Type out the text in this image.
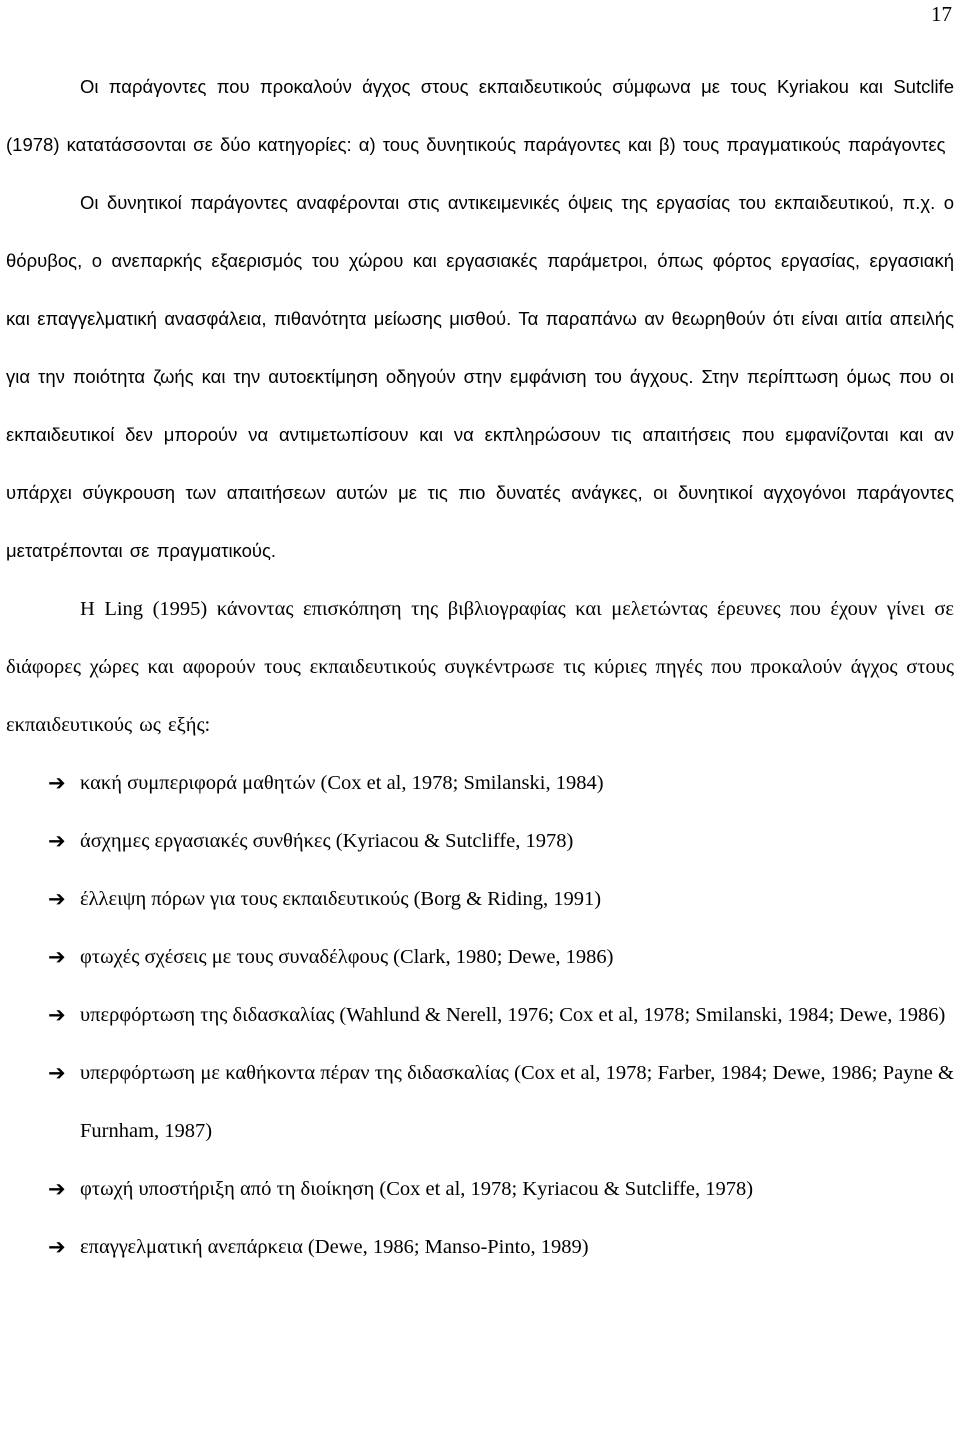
17

Οι παράγοντες που προκαλούν άγχος στους εκπαιδευτικούς σύμφωνα με τους Kyriakou και Sutclife (1978) κατατάσσονται σε δύο κατηγορίες: α) τους δυνητικούς παράγοντες και β) τους πραγματικούς παράγοντες

Οι δυνητικοί παράγοντες αναφέρονται στις αντικειμενικές όψεις της εργασίας του εκπαιδευτικού, π.χ. ο θόρυβος, ο ανεπαρκής εξαερισμός του χώρου και εργασιακές παράμετροι, όπως φόρτος εργασίας, εργασιακή και επαγγελματική ανασφάλεια, πιθανότητα μείωσης μισθού. Τα παραπάνω αν θεωρηθούν ότι είναι αιτία απειλής για την ποιότητα ζωής και την αυτοεκτίμηση οδηγούν στην εμφάνιση του άγχους. Στην περίπτωση όμως που οι εκπαιδευτικοί δεν μπορούν να αντιμετωπίσουν και να εκπληρώσουν τις απαιτήσεις που εμφανίζονται και αν υπάρχει σύγκρουση των απαιτήσεων αυτών με τις πιο δυνατές ανάγκες, οι δυνητικοί αγχογόνοι παράγοντες μετατρέπονται σε πραγματικούς.

Η Ling (1995) κάνοντας επισκόπηση της βιβλιογραφίας και μελετώντας έρευνες που έχουν γίνει σε διάφορες χώρες και αφορούν τους εκπαιδευτικούς συγκέντρωσε τις κύριες πηγές που προκαλούν άγχος στους εκπαιδευτικούς ως εξής:

➔ κακή συμπεριφορά μαθητών (Cox et al, 1978; Smilanski, 1984)
➔ άσχημες εργασιακές συνθήκες (Kyriacou & Sutcliffe, 1978)
➔ έλλειψη πόρων για τους εκπαιδευτικούς (Borg & Riding, 1991)
➔ φτωχές σχέσεις με τους συναδέλφους (Clark, 1980; Dewe, 1986)
➔ υπερφόρτωση της διδασκαλίας (Wahlund & Nerell, 1976; Cox et al, 1978; Smilanski, 1984; Dewe, 1986)
➔ υπερφόρτωση με καθήκοντα πέραν της διδασκαλίας (Cox et al, 1978; Farber, 1984; Dewe, 1986; Payne & Furnham, 1987)
➔ φτωχή υποστήριξη από τη διοίκηση (Cox et al, 1978; Kyriacou & Sutcliffe, 1978)
➔ επαγγελματική ανεπάρκεια (Dewe, 1986; Manso-Pinto, 1989)
